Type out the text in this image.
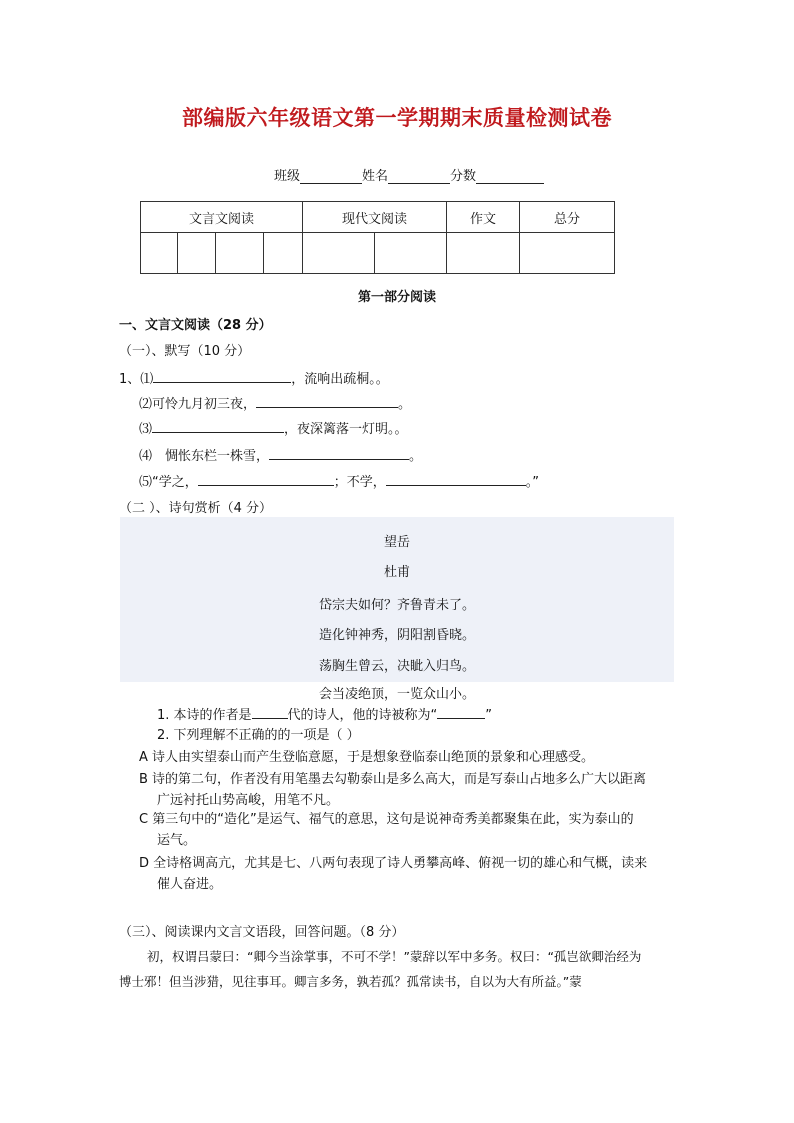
部编版六年级语文第一学期期末质量检测试卷
班级	姓名	分数
文言文阅读				现代文阅读		作文	总分

第一部分阅读
一、文言文阅读（28 分）
（一）、默写（10 分）
1、⑴	，流响出疏桐。。
⑵可怜九月初三夜，	。
⑶	，夜深篱落一灯明。。
⑷　惆怅东栏一株雪，	。
⑸“学之，	；不学，	。”
（二 ）、诗句赏析（4 分）
望岳
杜甫
岱宗夫如何？齐鲁青未了。
造化钟神秀，阴阳割昏晓。
荡胸生曾云，决眦入归鸟。
会当凌绝顶，一览众山小。
1. 本诗的作者是	代的诗人，他的诗被称为“	”
2. 下列理解不正确的的一项是（ ）
A 诗人由实望泰山而产生登临意愿，于是想象登临泰山绝顶的景象和心理感受。
B 诗的第二句，作者没有用笔墨去勾勒泰山是多么高大，而是写泰山占地多么广大以距离
广远衬托山势高峻，用笔不凡。
C 第三句中的“造化”是运气、福气的意思，这句是说神奇秀美都聚集在此，实为泰山的
运气。
D 全诗格调高亢，尤其是七、八两句表现了诗人勇攀高峰、俯视一切的雄心和气概，读来
催人奋进。
（三）、阅读课内文言文语段，回答问题。（8 分）
初，权谓吕蒙曰：“卿今当涂掌事，不可不学！”蒙辞以军中多务。权曰：“孤岂欲卿治经为
博士邪！但当涉猎，见往事耳。卿言多务，孰若孤？孤常读书，自以为大有所益。”蒙
